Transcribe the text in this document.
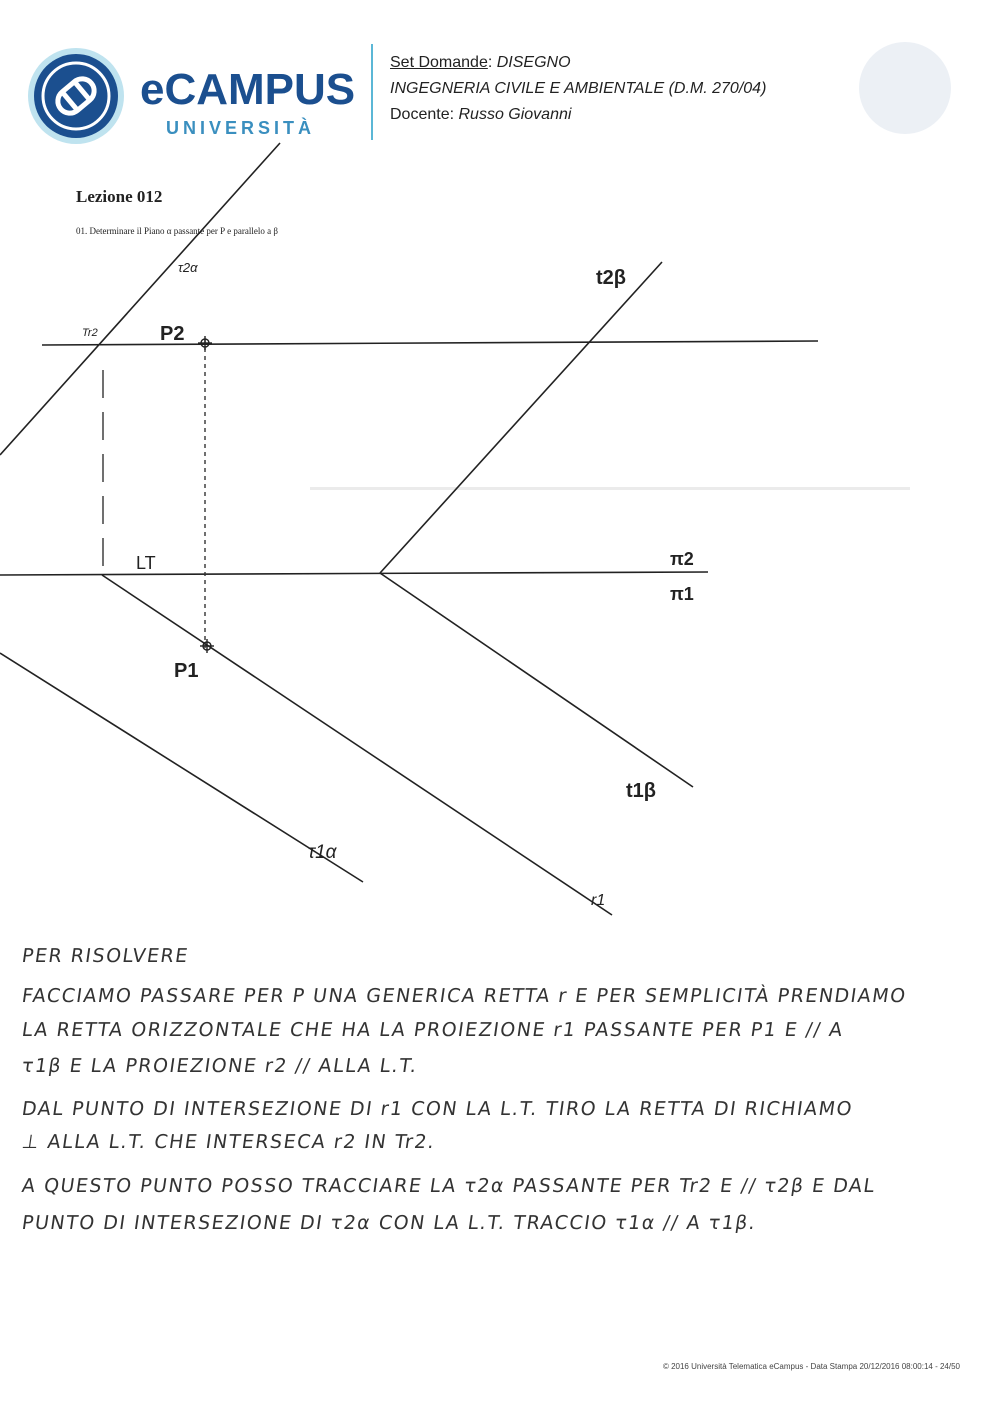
eCAMPUS
UNIVERSITÀ
Set Domande: DISEGNO
INGEGNERIA CIVILE E AMBIENTALE (D.M. 270/04)
Docente: Russo Giovanni
Lezione 012
01. Determinare il Piano α passante per P e parallelo a β
τ2α	t2β
Tr2	P2
LT	π2
π1
P1
t1β
τ1α
r1
PER RISOLVERE
FACCIAMO PASSARE PER P UNA GENERICA RETTA r E PER SEMPLICITÀ PRENDIAMO
LA RETTA ORIZZONTALE CHE HA LA PROIEZIONE r1 PASSANTE PER P1 E // A
τ1β E LA PROIEZIONE r2 // ALLA L.T.
DAL PUNTO DI INTERSEZIONE DI r1 CON LA L.T. TIRO LA RETTA DI RICHIAMO
⊥ ALLA L.T. CHE INTERSECA r2 IN Tr2.
A QUESTO PUNTO POSSO TRACCIARE LA τ2α PASSANTE PER Tr2 E // τ2β E DAL
PUNTO DI INTERSEZIONE DI τ2α CON LA L.T. TRACCIO τ1α // A τ1β.
© 2016 Università Telematica eCampus - Data Stampa 20/12/2016 08:00:14 - 24/50
